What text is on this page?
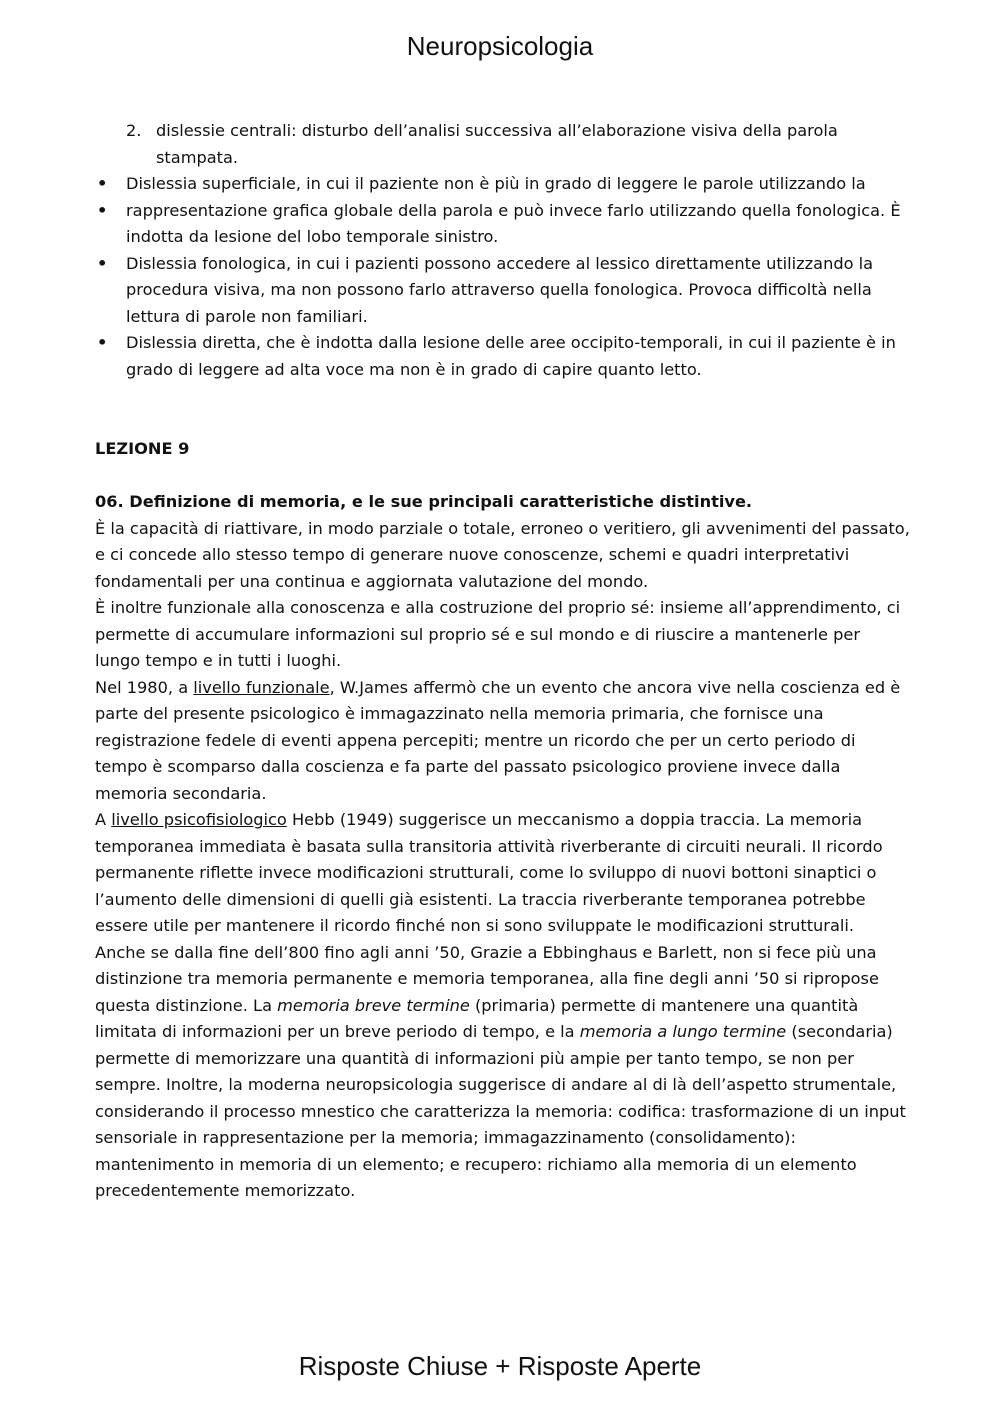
Neuropsicologia
2. dislessie centrali: disturbo dell’analisi successiva all’elaborazione visiva della parola stampata.
• Dislessia superficiale, in cui il paziente non è più in grado di leggere le parole utilizzando la
• rappresentazione grafica globale della parola e può invece farlo utilizzando quella fonologica. È indotta da lesione del lobo temporale sinistro.
• Dislessia fonologica, in cui i pazienti possono accedere al lessico direttamente utilizzando la procedura visiva, ma non possono farlo attraverso quella fonologica. Provoca difficoltà nella lettura di parole non familiari.
• Dislessia diretta, che è indotta dalla lesione delle aree occipito-temporali, in cui il paziente è in grado di leggere ad alta voce ma non è in grado di capire quanto letto.

LEZIONE 9

06. Definizione di memoria, e le sue principali caratteristiche distintive.

È la capacità di riattivare, in modo parziale o totale, erroneo o veritiero, gli avvenimenti del passato, e ci concede allo stesso tempo di generare nuove conoscenze, schemi e quadri interpretativi fondamentali per una continua e aggiornata valutazione del mondo.

È inoltre funzionale alla conoscenza e alla costruzione del proprio sé: insieme all’apprendimento, ci permette di accumulare informazioni sul proprio sé e sul mondo e di riuscire a mantenerle per lungo tempo e in tutti i luoghi.

Nel 1980, a livello funzionale, W.James affermò che un evento che ancora vive nella coscienza ed è parte del presente psicologico è immagazzinato nella memoria primaria, che fornisce una registrazione fedele di eventi appena percepiti; mentre un ricordo che per un certo periodo di tempo è scomparso dalla coscienza e fa parte del passato psicologico proviene invece dalla memoria secondaria.

A livello psicofisiologico Hebb (1949) suggerisce un meccanismo a doppia traccia. La memoria temporanea immediata è basata sulla transitoria attività riverberante di circuiti neurali. Il ricordo permanente riflette invece modificazioni strutturali, come lo sviluppo di nuovi bottoni sinaptici o l’aumento delle dimensioni di quelli già esistenti. La traccia riverberante temporanea potrebbe essere utile per mantenere il ricordo finché non si sono sviluppate le modificazioni strutturali.

Anche se dalla fine dell’800 fino agli anni ’50, Grazie a Ebbinghaus e Barlett, non si fece più una distinzione tra memoria permanente e memoria temporanea, alla fine degli anni ’50 si ripropose questa distinzione. La memoria breve termine (primaria) permette di mantenere una quantità limitata di informazioni per un breve periodo di tempo, e la memoria a lungo termine (secondaria) permette di memorizzare una quantità di informazioni più ampie per tanto tempo, se non per sempre. Inoltre, la moderna neuropsicologia suggerisce di andare al di là dell’aspetto strumentale, considerando il processo mnestico che caratterizza la memoria: codifica: trasformazione di un input sensoriale in rappresentazione per la memoria; immagazzinamento (consolidamento): mantenimento in memoria di un elemento; e recupero: richiamo alla memoria di un elemento precedentemente memorizzato.

Risposte Chiuse + Risposte Aperte
